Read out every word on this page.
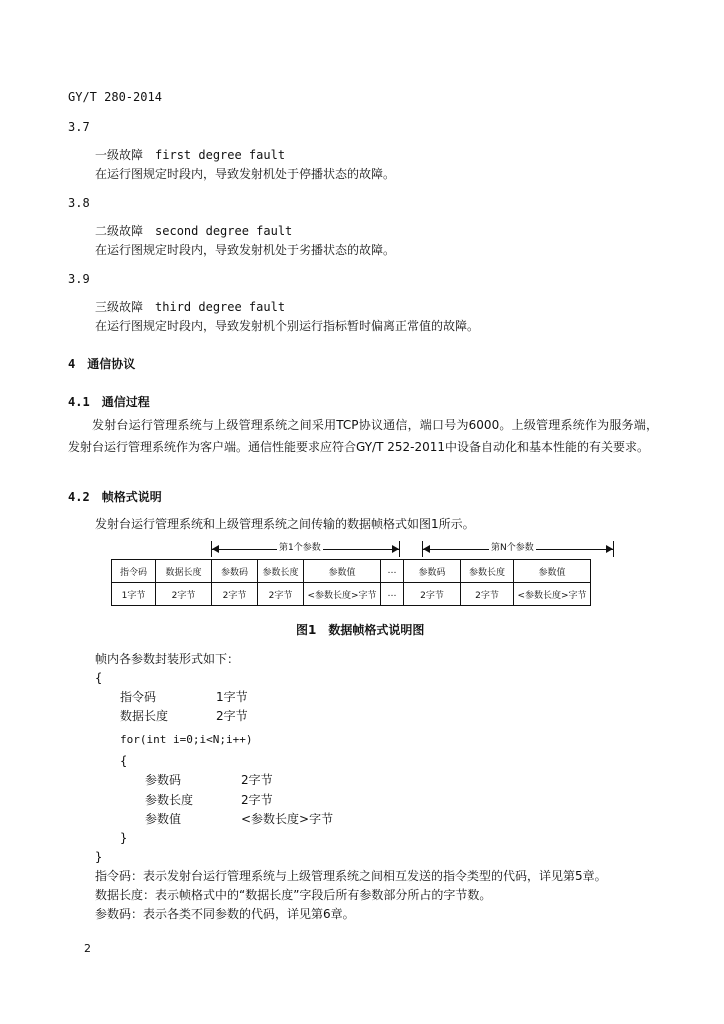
GY/T 280-2014
3.7
一级故障 first degree fault
在运行图规定时段内，导致发射机处于停播状态的故障。
3.8
二级故障 second degree fault
在运行图规定时段内，导致发射机处于劣播状态的故障。
3.9
三级故障 third degree fault
在运行图规定时段内，导致发射机个别运行指标暂时偏离正常值的故障。
4 通信协议
4.1 通信过程
发射台运行管理系统与上级管理系统之间采用TCP协议通信，端口号为6000。上级管理系统作为服务端，发射台运行管理系统作为客户端。通信性能要求应符合GY/T 252-2011中设备自动化和基本性能的有关要求。
4.2 帧格式说明
发射台运行管理系统和上级管理系统之间传输的数据帧格式如图1所示。
第1个参数	第N个参数
指令码	数据长度	参数码	参数长度	参数值	…	参数码	参数长度	参数值
1字节	2字节	2字节	2字节	<参数长度>字节	…	2字节	2字节	<参数长度>字节
图1 数据帧格式说明图
帧内各参数封装形式如下：
{
指令码	1字节
数据长度	2字节
for(int i=0;i<N;i++)
{
参数码	2字节
参数长度	2字节
参数值	<参数长度>字节
}
}
指令码：表示发射台运行管理系统与上级管理系统之间相互发送的指令类型的代码，详见第5章。
数据长度：表示帧格式中的“数据长度”字段后所有参数部分所占的字节数。
参数码：表示各类不同参数的代码，详见第6章。
2
